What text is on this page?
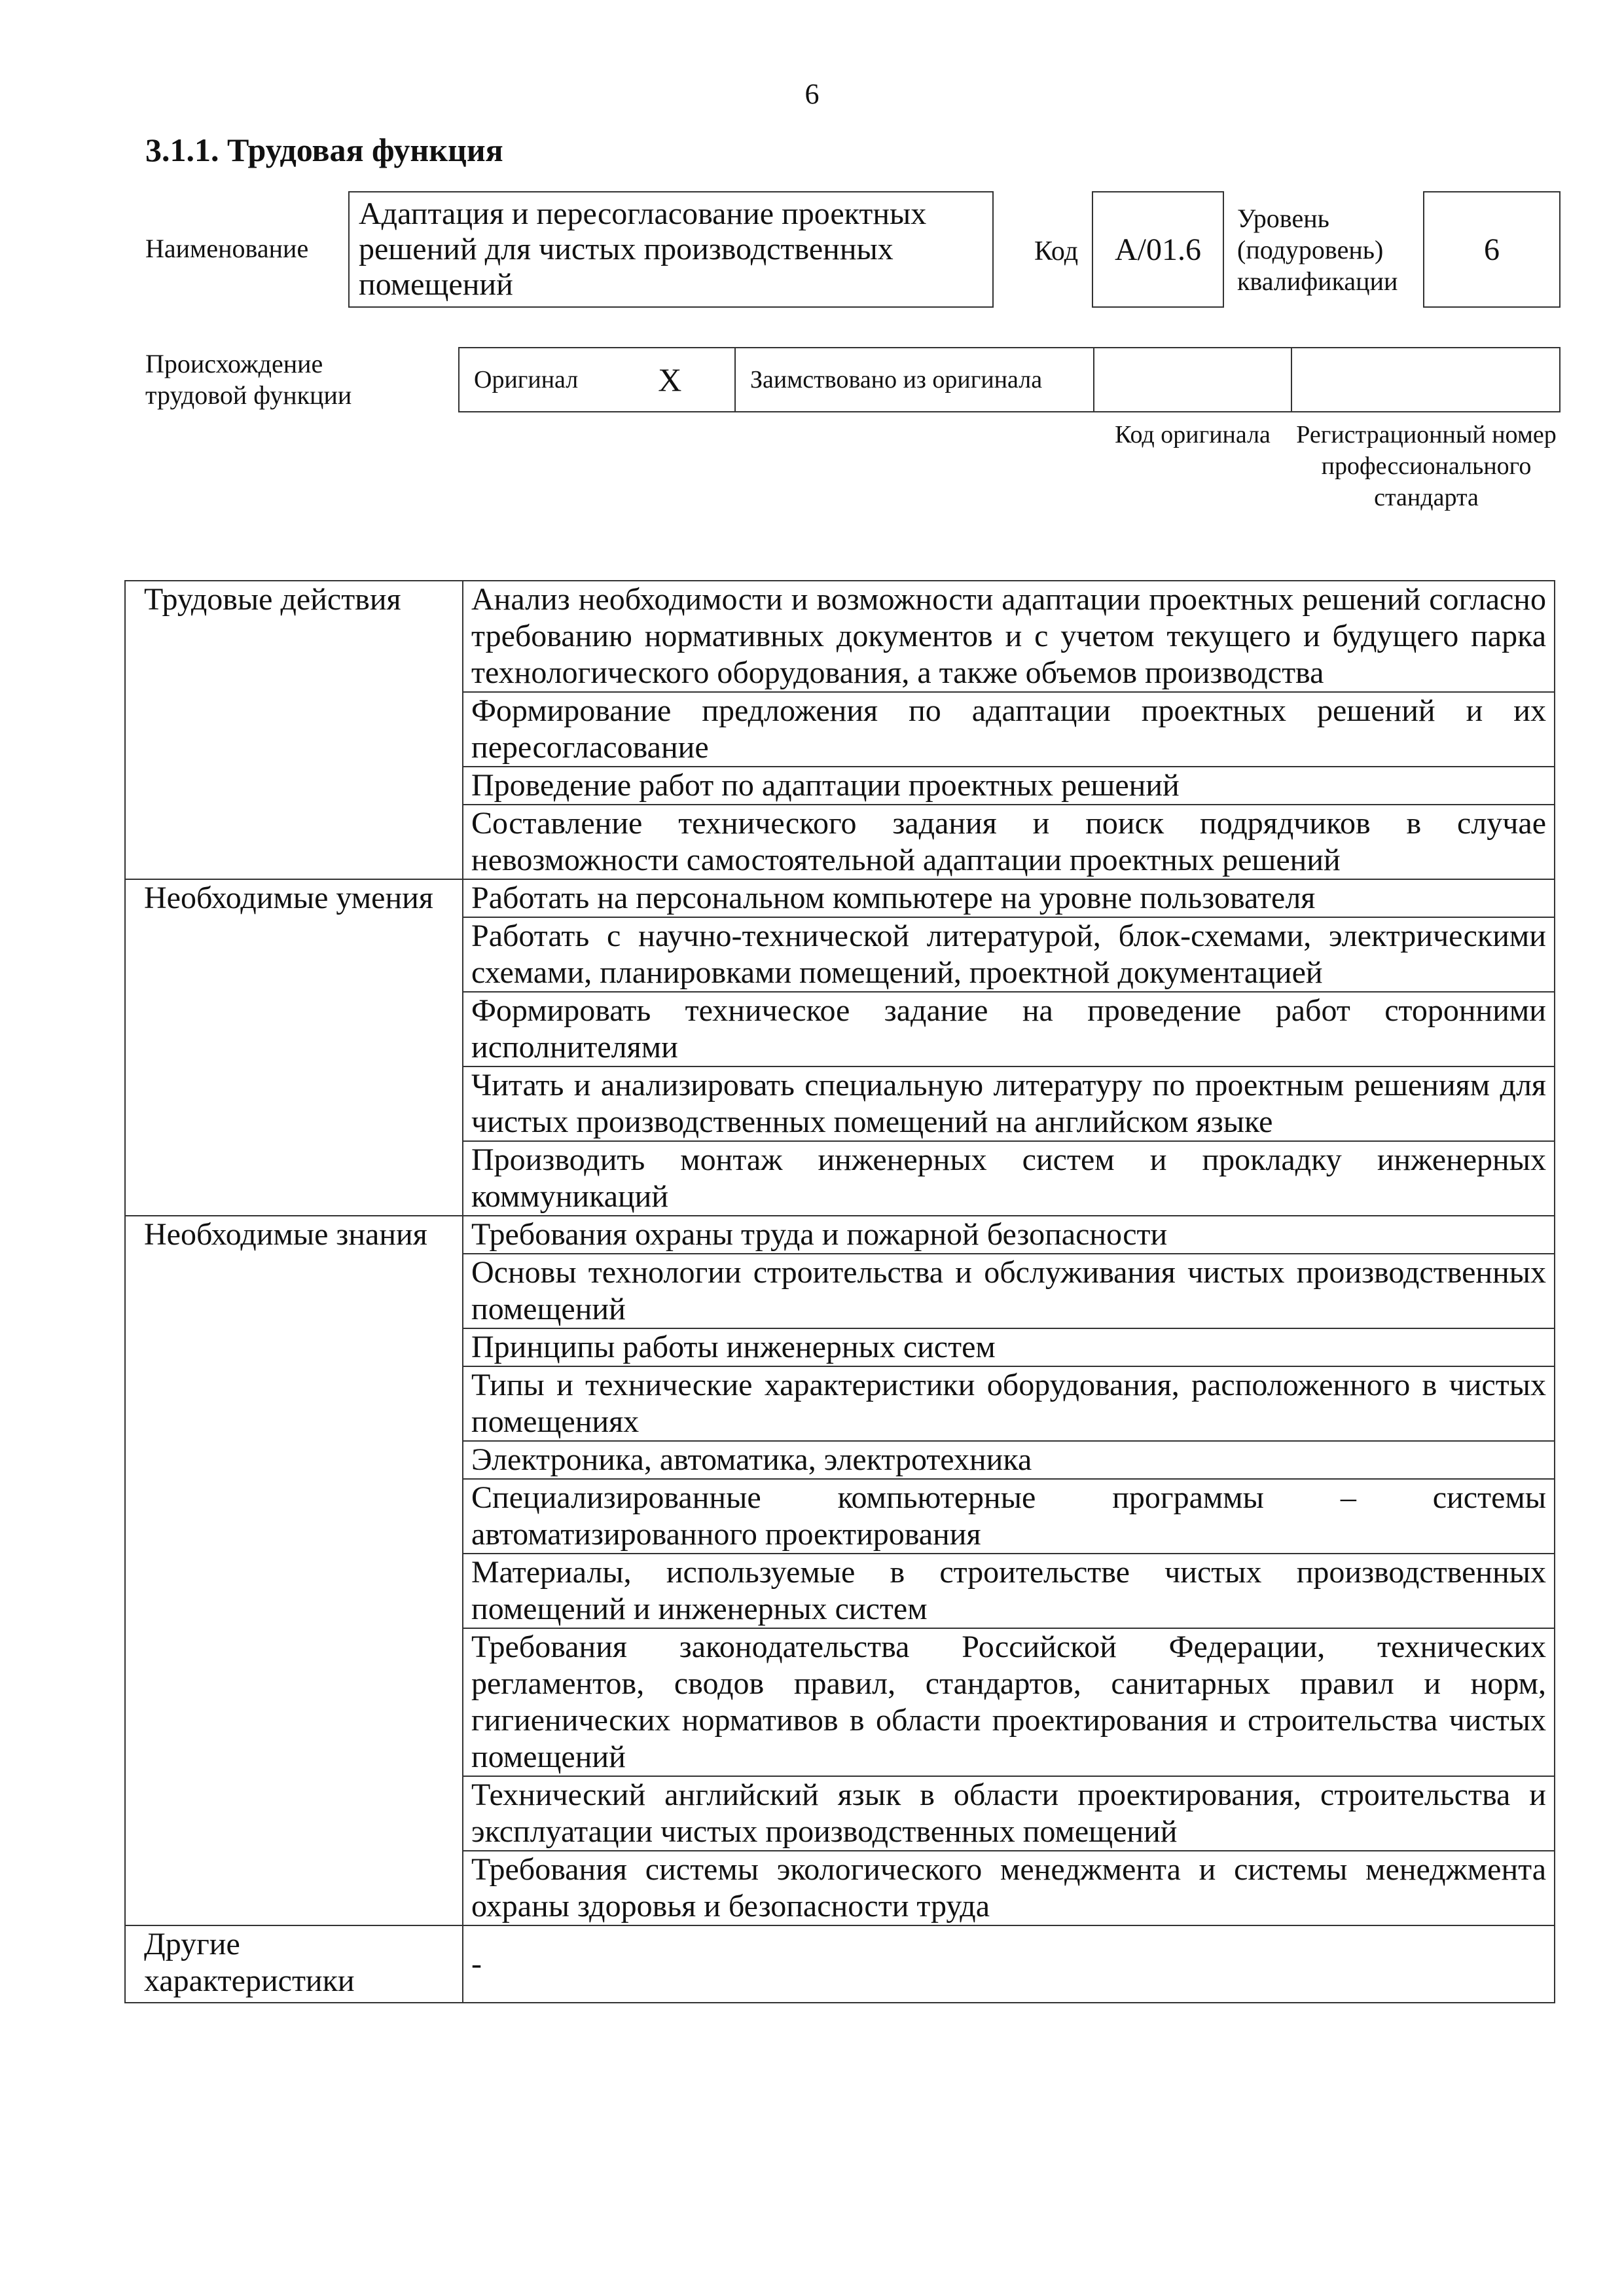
6
3.1.1. Трудовая функция
Наименование
Адаптация и пересогласование проектных решений для чистых производственных помещений
Код	А/01.6
Уровень (подуровень) квалификации
6
Происхождение трудовой функции
Оригинал X	Заимствовано из оригинала
Код оригинала	Регистрационный номер профессионального стандарта
Трудовые действия	Анализ необходимости и возможности адаптации проектных решений согласно требованию нормативных документов и с учетом текущего и будущего парка технологического оборудования, а также объемов производства
	Формирование предложения по адаптации проектных решений и их пересогласование
	Проведение работ по адаптации проектных решений
	Составление технического задания и поиск подрядчиков в случае невозможности самостоятельной адаптации проектных решений
Необходимые умения	Работать на персональном компьютере на уровне пользователя
	Работать с научно-технической литературой, блок-схемами, электрическими схемами, планировками помещений, проектной документацией
	Формировать техническое задание на проведение работ сторонними исполнителями
	Читать и анализировать специальную литературу по проектным решениям для чистых производственных помещений на английском языке
	Производить монтаж инженерных систем и прокладку инженерных коммуникаций
Необходимые знания	Требования охраны труда и пожарной безопасности
	Основы технологии строительства и обслуживания чистых производственных помещений
	Принципы работы инженерных систем
	Типы и технические характеристики оборудования, расположенного в чистых помещениях
	Электроника, автоматика, электротехника
	Специализированные компьютерные программы – системы автоматизированного проектирования
	Материалы, используемые в строительстве чистых производственных помещений и инженерных систем
	Требования законодательства Российской Федерации, технических регламентов, сводов правил, стандартов, санитарных правил и норм, гигиенических нормативов в области проектирования и строительства чистых помещений
	Технический английский язык в области проектирования, строительства и эксплуатации чистых производственных помещений
	Требования системы экологического менеджмента и системы менеджмента охраны здоровья и безопасности труда
Другие характеристики	-
